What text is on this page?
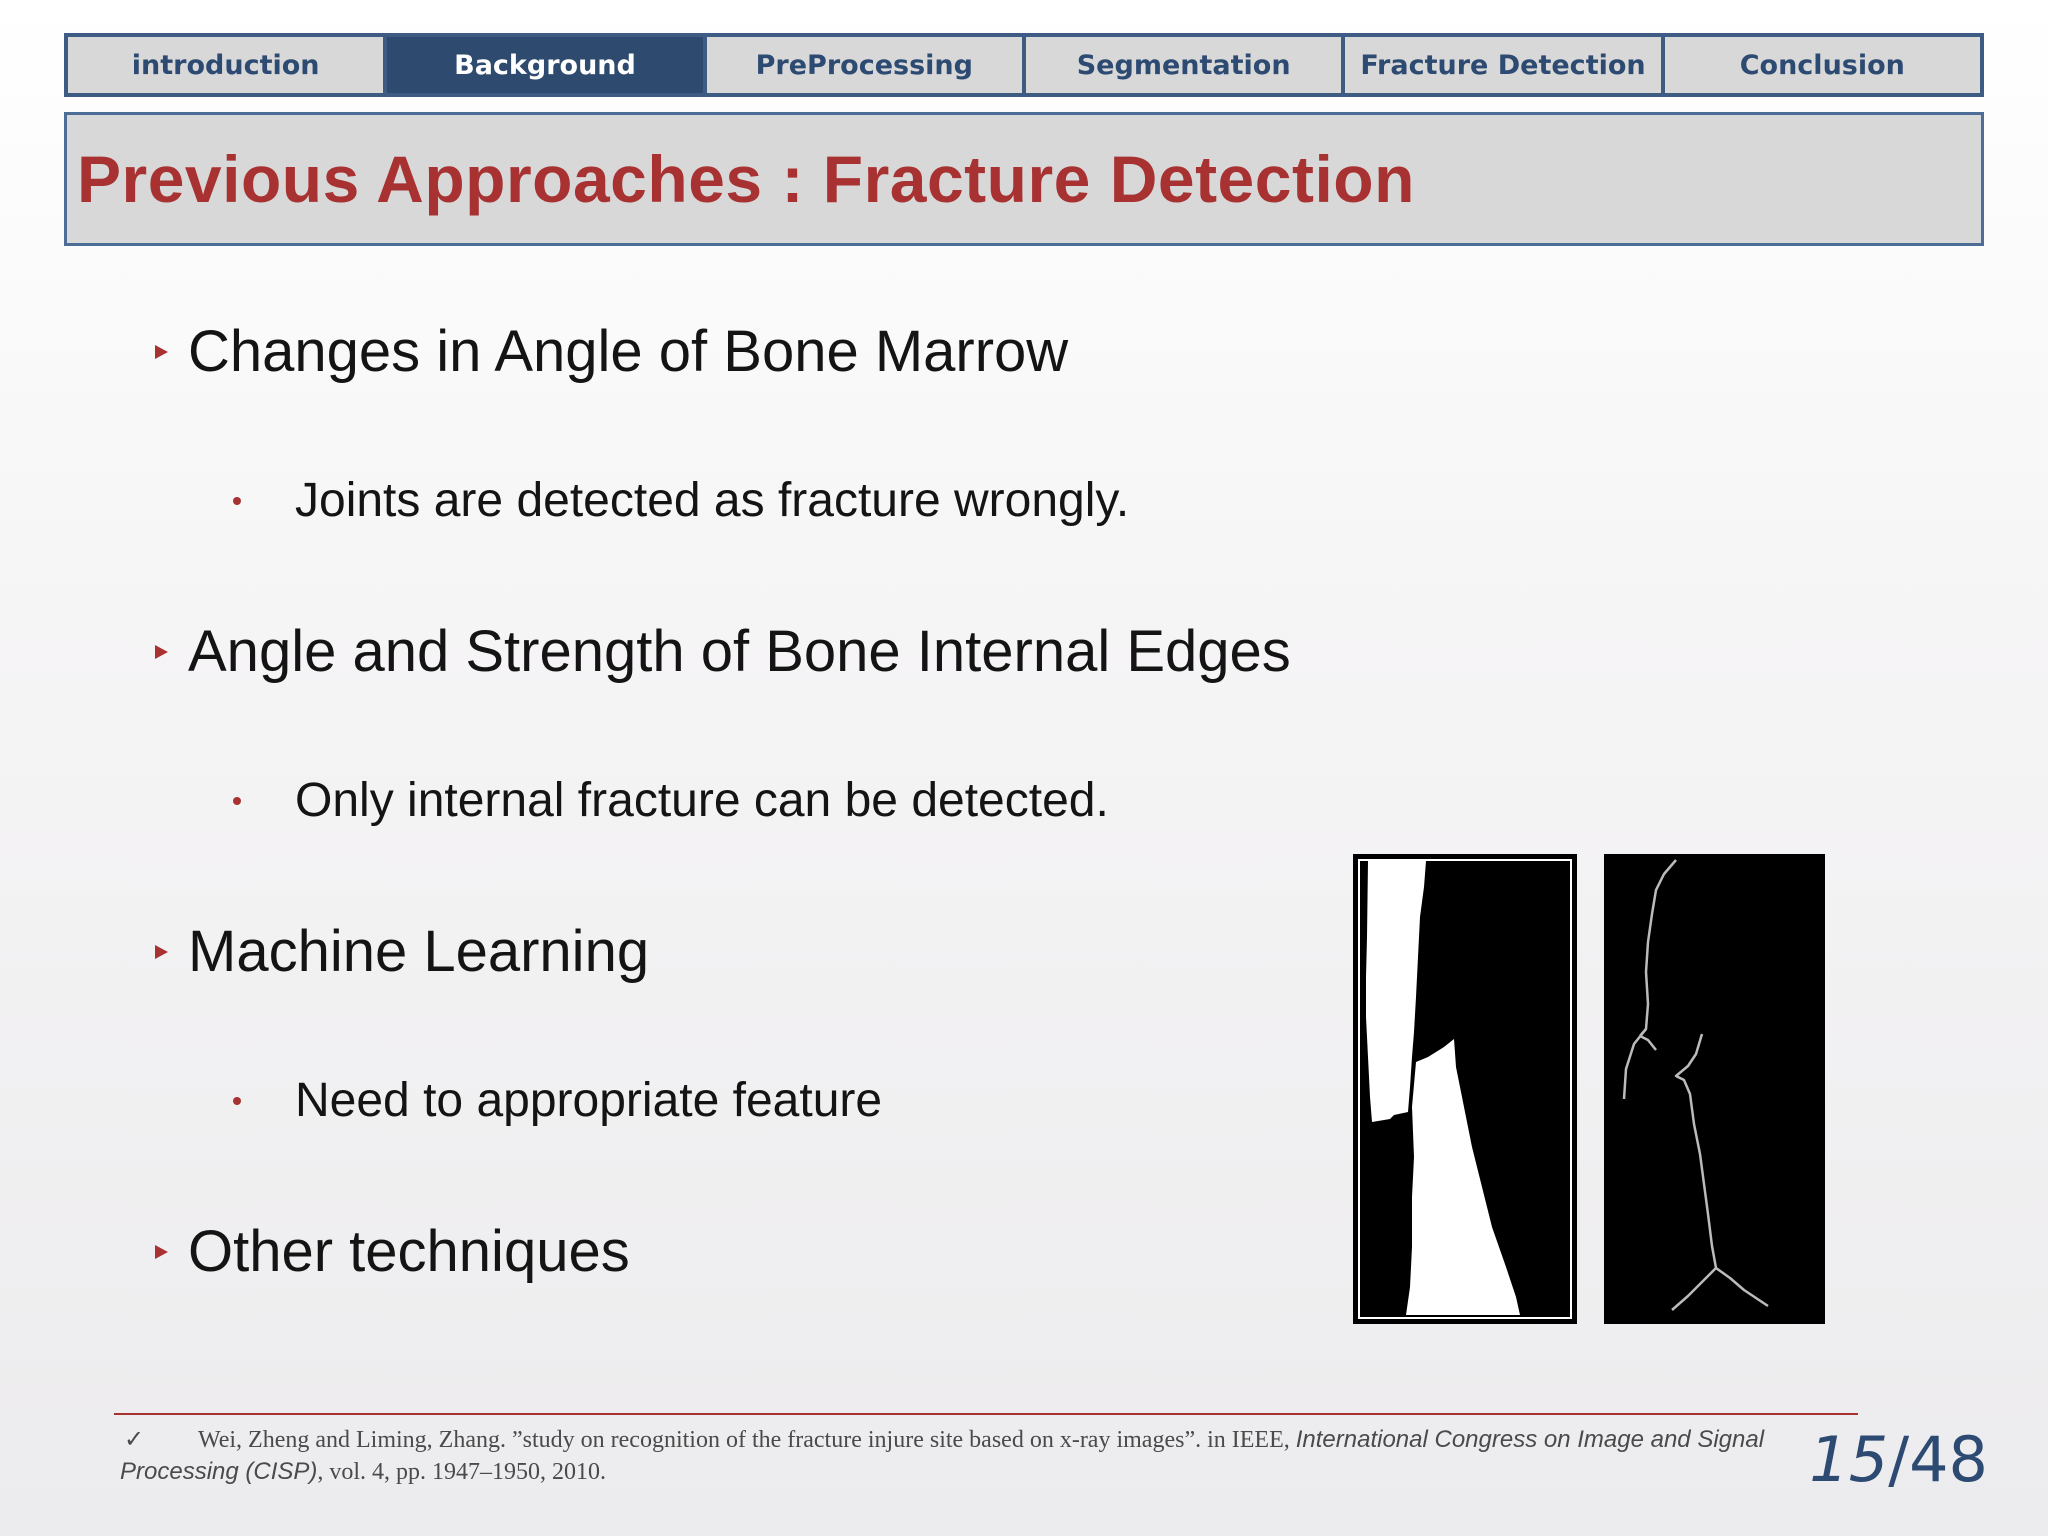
introduction	Background	PreProcessing	Segmentation	Fracture Detection	Conclusion
Previous Approaches : Fracture Detection
Changes in Angle of Bone Marrow
Joints are detected as fracture wrongly.
Angle and Strength of Bone Internal Edges
Only internal fracture can be detected.
Machine Learning
Need to appropriate feature
Other techniques
✓ Wei, Zheng and Liming, Zhang. ”study on recognition of the fracture injure site based on x-ray images”. in IEEE, International Congress on Image and Signal Processing (CISP), vol. 4, pp. 1947–1950, 2010.	15/48
